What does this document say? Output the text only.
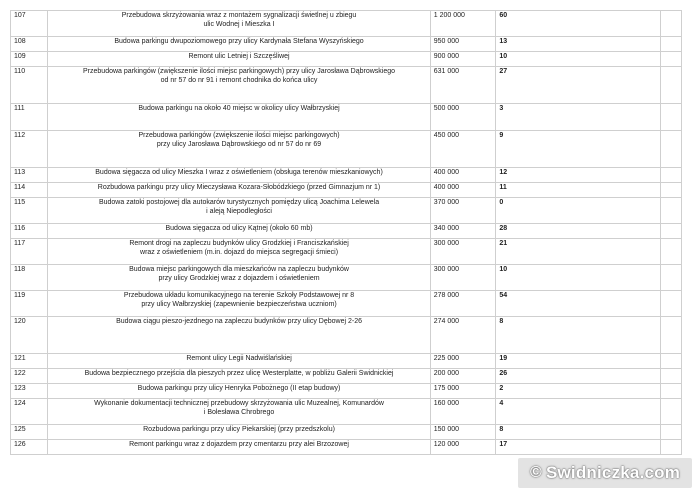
107	Przebudowa skrzyżowania wraz z montażem sygnalizacji świetlnej u zbiegu
ulic Wodnej i Mieszka I	1 200 000	60	
108	Budowa parkingu dwupoziomowego przy ulicy Kardynała Stefana Wyszyńskiego	950 000	13	
109	Remont ulic Letniej i Szczęśliwej	900 000	10	
110	Przebudowa parkingów (zwiększenie ilości miejsc parkingowych) przy ulicy Jarosława Dąbrowskiego
od nr 57 do nr 91 i remont chodnika do końca ulicy	631 000	27	
111	Budowa parkingu na około 40 miejsc w okolicy ulicy Wałbrzyskiej	500 000	3	
112	Przebudowa parkingów (zwiększenie ilości miejsc parkingowych)
przy ulicy Jarosława Dąbrowskiego od nr 57 do nr 69	450 000	9	
113	Budowa sięgacza od ulicy Mieszka I wraz z oświetleniem (obsługa terenów mieszkaniowych)	400 000	12	
114	Rozbudowa parkingu przy ulicy Mieczysława Kozara-Słobódzkiego (przed Gimnazjum nr 1)	400 000	11	
115	Budowa zatoki postojowej dla autokarów turystycznych pomiędzy ulicą Joachima Lelewela
i aleją Niepodległości	370 000	0	
116	Budowa sięgacza od ulicy Kątnej (około 60 mb)	340 000	28	
117	Remont drogi na zapleczu budynków ulicy Grodzkiej i Franciszkańskiej
wraz z oświetleniem (m.in. dojazd do miejsca segregacji śmieci)	300 000	21	
118	Budowa miejsc parkingowych dla mieszkańców na zapleczu budynków
przy ulicy Grodzkiej wraz z dojazdem i oświetleniem	300 000	10	
119	Przebudowa układu komunikacyjnego na terenie Szkoły Podstawowej nr 8
przy ulicy Wałbrzyskiej (zapewnienie bezpieczeństwa uczniom)	278 000	54	
120	Budowa ciągu pieszo-jezdnego na zapleczu budynków przy ulicy Dębowej 2-26	274 000	8	
121	Remont ulicy Legii Nadwiślańskiej	225 000	19	
122	Budowa bezpiecznego przejścia dla pieszych przez ulicę Westerplatte, w pobliżu Galerii Świdnickiej	200 000	26	
123	Budowa parkingu przy ulicy Henryka Pobożnego (II etap budowy)	175 000	2	
124	Wykonanie dokumentacji technicznej przebudowy skrzyżowania ulic Muzealnej, Komunardów
i Bolesława Chrobrego	160 000	4	
125	Rozbudowa parkingu przy ulicy Piekarskiej (przy przedszkolu)	150 000	8	
126	Remont parkingu wraz z dojazdem przy cmentarzu przy alei Brzozowej	120 000	17	
© Swidniczka.com
